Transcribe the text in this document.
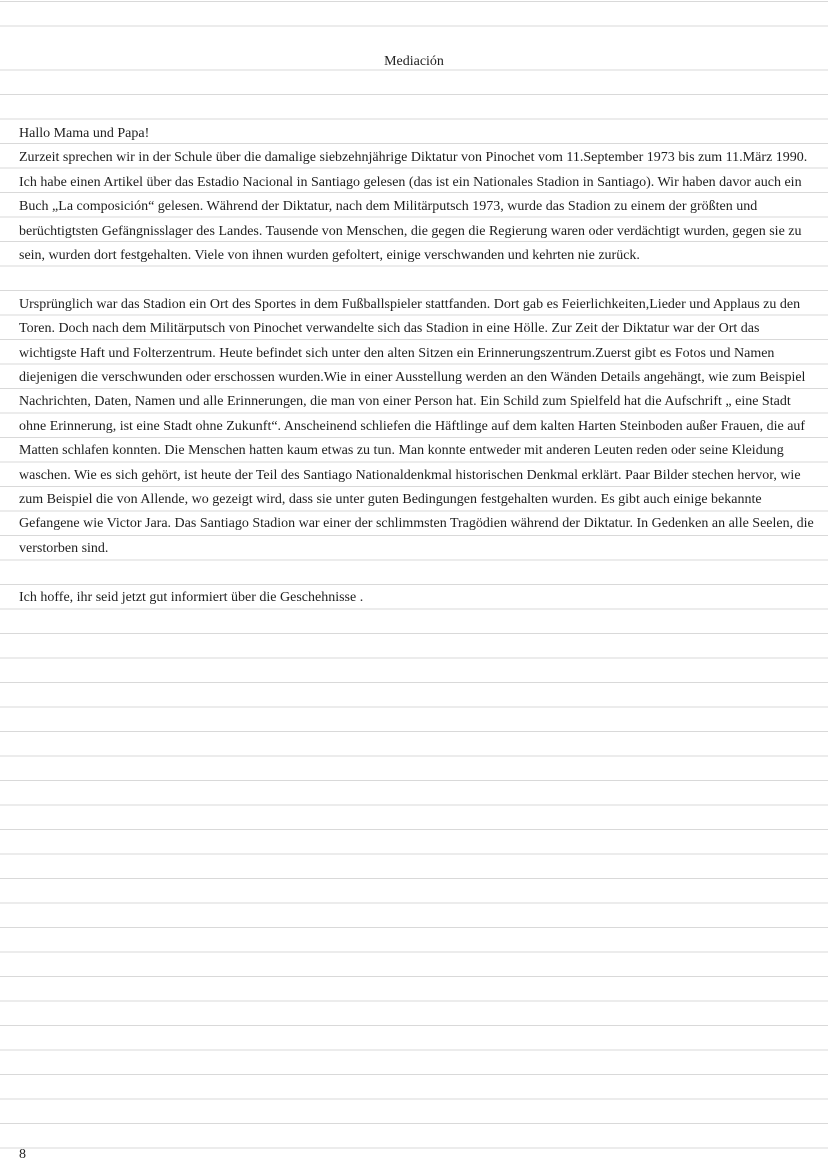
Mediación

Hallo Mama und Papa!

Zurzeit sprechen wir in der Schule über die damalige siebzehnjährige Diktatur von Pinochet vom 11.September 1973 bis zum 11.März 1990. Ich habe einen Artikel über das Estadio Nacional in Santiago gelesen (das ist ein Nationales Stadion in Santiago). Wir haben davor auch ein Buch „La composición“ gelesen. Während der Diktatur, nach dem Militärputsch 1973, wurde das Stadion zu einem der größten und berüchtigtsten Gefängnisslager des Landes. Tausende von Menschen, die gegen die Regierung waren oder verdächtigt wurden, gegen sie zu sein, wurden dort festgehalten. Viele von ihnen wurden gefoltert, einige verschwanden und kehrten nie zurück.

Ursprünglich war das Stadion ein Ort des Sportes in dem Fußballspieler stattfanden. Dort gab es Feierlichkeiten,Lieder und Applaus zu den Toren. Doch nach dem Militärputsch von Pinochet verwandelte sich das Stadion in eine Hölle. Zur Zeit der Diktatur war der Ort das wichtigste Haft und Folterzentrum. Heute befindet sich unter den alten Sitzen ein Erinnerungszentrum.Zuerst gibt es Fotos und Namen diejenigen die verschwunden oder erschossen wurden.Wie in einer Ausstellung werden an den Wänden Details angehängt, wie zum Beispiel Nachrichten, Daten, Namen und alle Erinnerungen, die man von einer Person hat. Ein Schild zum Spielfeld hat die Aufschrift „ eine Stadt ohne Erinnerung, ist eine Stadt ohne Zukunft“. Anscheinend schliefen die Häftlinge auf dem kalten Harten Steinboden außer Frauen, die auf Matten schlafen konnten. Die Menschen hatten kaum etwas zu tun. Man konnte entweder mit anderen Leuten reden oder seine Kleidung waschen. Wie es sich gehört, ist heute der Teil des Santiago Nationaldenkmal historischen Denkmal erklärt. Paar Bilder stechen hervor, wie zum Beispiel die von Allende, wo gezeigt wird, dass sie unter guten Bedingungen festgehalten wurden. Es gibt auch einige bekannte Gefangene wie Victor Jara. Das Santiago Stadion war einer der schlimmsten Tragödien während der Diktatur. In Gedenken an alle Seelen, die verstorben sind.

Ich hoffe, ihr seid jetzt gut informiert über die Geschehnisse .

8
